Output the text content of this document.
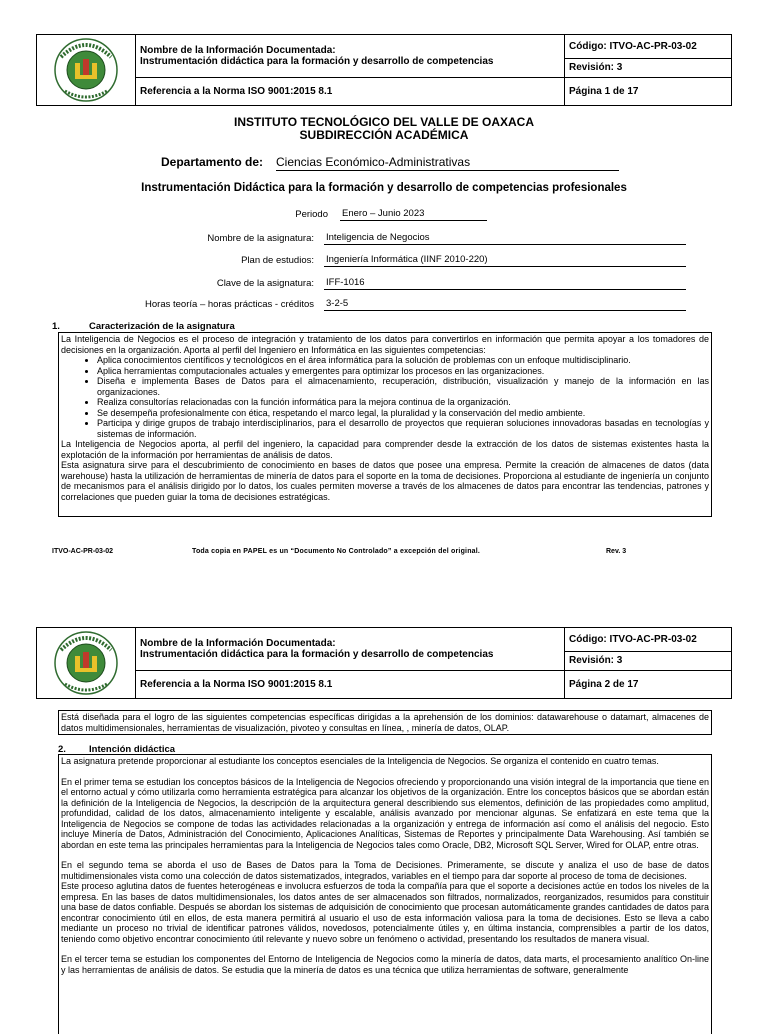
Nombre de la Información Documentada:
Instrumentación didáctica para la formación y desarrollo de competencias	Código: ITVO-AC-PR-03-02
		Revisión: 3
	Referencia a la Norma ISO 9001:2015 8.1	Página 1 de 17
INSTITUTO TECNOLÓGICO DEL VALLE DE OAXACA
SUBDIRECCIÓN ACADÉMICA
Departamento de: Ciencias Económico-Administrativas
Instrumentación Didáctica para la formación y desarrollo de competencias profesionales
Periodo Enero – Junio 2023
Nombre de la asignatura: Inteligencia de Negocios
Plan de estudios: Ingeniería Informática (IINF 2010-220)
Clave de la asignatura: IFF-1016
Horas teoría – horas prácticas - créditos 3-2-5
1.	Caracterización de la asignatura

La Inteligencia de Negocios es el proceso de integración y tratamiento de los datos para convertirlos en información que permita apoyar a los tomadores de decisiones en la organización. Aporta al perfil del Ingeniero en Informática en las siguientes competencias:

• Aplica conocimientos científicos y tecnológicos en el área informática para la solución de problemas con un enfoque multidisciplinario.
• Aplica herramientas computacionales actuales y emergentes para optimizar los procesos en las organizaciones.
• Diseña e implementa Bases de Datos para el almacenamiento, recuperación, distribución, visualización y manejo de la información en las organizaciones.
• Realiza consultorías relacionadas con la función informática para la mejora continua de la organización.
• Se desempeña profesionalmente con ética, respetando el marco legal, la pluralidad y la conservación del medio ambiente.
• Participa y dirige grupos de trabajo interdisciplinarios, para el desarrollo de proyectos que requieran soluciones innovadoras basadas en tecnologías y sistemas de información.

La Inteligencia de Negocios aporta, al perfil del ingeniero, la capacidad para comprender desde la extracción de los datos de sistemas existentes hasta la explotación de la información por herramientas de análisis de datos.

Esta asignatura sirve para el descubrimiento de conocimiento en bases de datos que posee una empresa. Permite la creación de almacenes de datos (data warehouse) hasta la utilización de herramientas de minería de datos para el soporte en la toma de decisiones. Proporciona al estudiante de ingeniería un conjunto de mecanismos para el análisis dirigido por lo datos, los cuales permiten moverse a través de los almacenes de datos para encontrar las tendencias, patrones y correlaciones que pueden guiar la toma de decisiones estratégicas.

ITVO-AC-PR-03-02	Toda copia en PAPEL es un “Documento No Controlado” a excepción del original.	Rev. 3

Nombre de la Información Documentada:
Instrumentación didáctica para la formación y desarrollo de competencias	Código: ITVO-AC-PR-03-02
		Revisión: 3
	Referencia a la Norma ISO 9001:2015 8.1	Página 2 de 17

Está diseñada para el logro de las siguientes competencias específicas dirigidas a la aprehensión de los dominios: datawarehouse o datamart, almacenes de datos multidimensionales, herramientas de visualización, pivoteo y consultas en línea, , minería de datos, OLAP.

2. Intención didáctica

La asignatura pretende proporcionar al estudiante los conceptos esenciales de la Inteligencia de Negocios. Se organiza el contenido en cuatro temas.

En el primer tema se estudian los conceptos básicos de la Inteligencia de Negocios ofreciendo y proporcionando una visión integral de la importancia que tiene en el entorno actual y cómo utilizarla como herramienta estratégica para alcanzar los objetivos de la organización. Entre los conceptos básicos que se abordan están la definición de la Inteligencia de Negocios, la descripción de la arquitectura general describiendo sus elementos, definición de las propiedades como amplitud, profundidad, calidad de los datos, almacenamiento inteligente y escalable, análisis avanzado por mencionar algunas. Se enfatizará en este tema que la Inteligencia de Negocios se compone de todas las actividades relacionadas a la organización y entrega de información así como el análisis del negocio. Esto incluye Minería de Datos, Administración del Conocimiento, Aplicaciones Analíticas, Sistemas de Reportes y principalmente Data Warehousing. Así también se abordan en este tema las principales herramientas para la Inteligencia de Negocios tales como Oracle, DB2, Microsoft SQL Server, Wired for OLAP, entre otras.

En el segundo tema se aborda el uso de Bases de Datos para la Toma de Decisiones. Primeramente, se discute y analiza el uso de base de datos multidimensionales vista como una colección de datos sistematizados, integrados, variables en el tiempo para dar soporte al proceso de toma de decisiones.

Este proceso aglutina datos de fuentes heterogéneas e involucra esfuerzos de toda la compañía para que el soporte a decisiones actúe en todos los niveles de la empresa. En las bases de datos multidimensionales, los datos antes de ser almacenados son filtrados, normalizados, reorganizados, resumidos para constituir una base de datos confiable. Después se abordan los sistemas de adquisición de conocimiento que procesan automáticamente grandes cantidades de datos para encontrar conocimiento útil en ellos, de esta manera permitirá al usuario el uso de esta información valiosa para la toma de decisiones. Esto se lleva a cabo mediante un proceso no trivial de identificar patrones válidos, novedosos, potencialmente útiles y, en última instancia, comprensibles a partir de los datos, teniendo como objetivo encontrar conocimiento útil relevante y nuevo sobre un fenómeno o actividad, presentando los resultados de manera visual.

En el tercer tema se estudian los componentes del Entorno de Inteligencia de Negocios como la minería de datos, data marts, el procesamiento analítico On-line y las herramientas de análisis de datos. Se estudia que la minería de datos es una técnica que utiliza herramientas de software, generalmente
